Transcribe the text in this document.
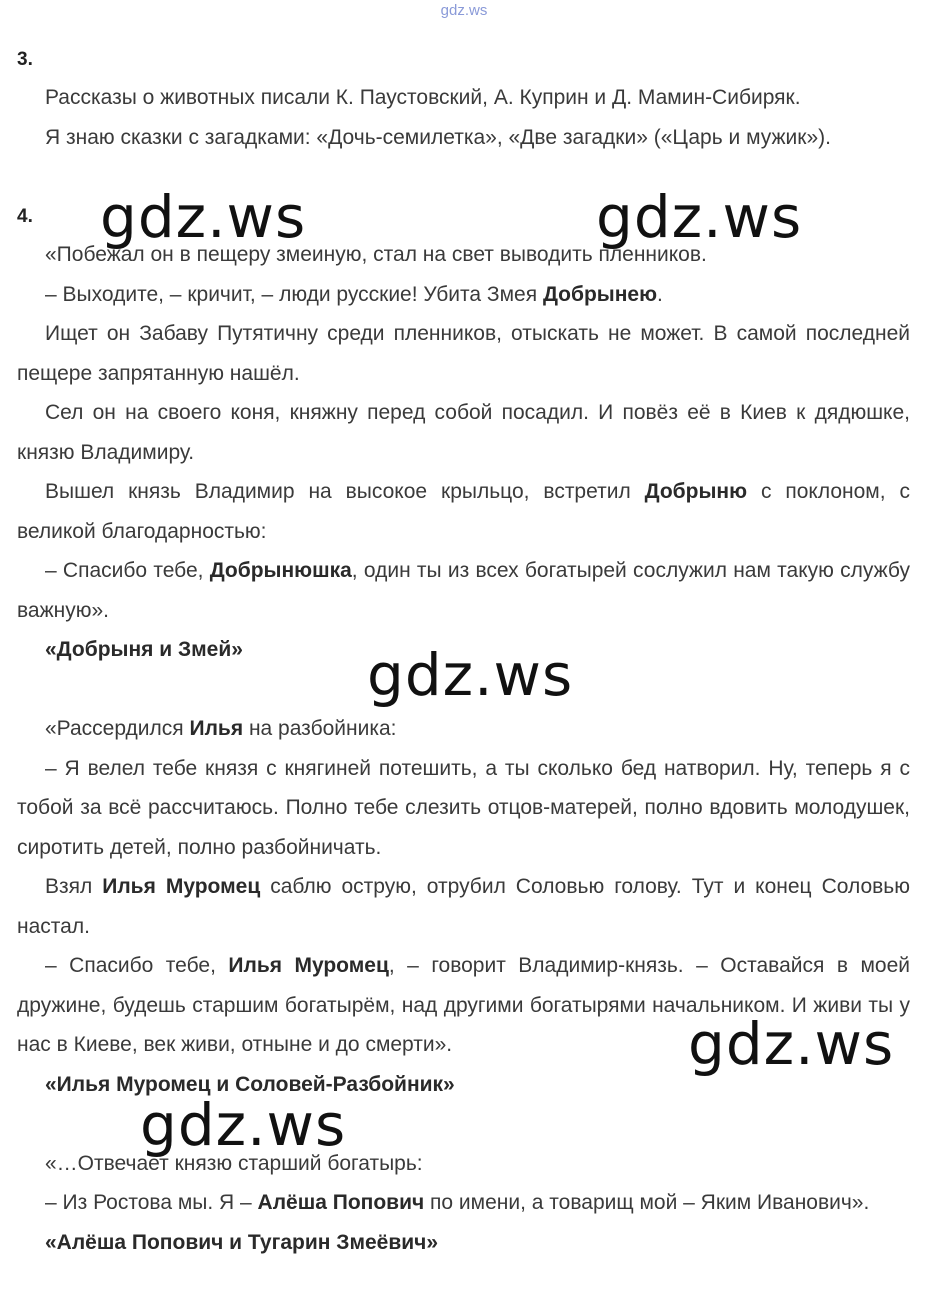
gdz.ws
3.

Рассказы о животных писали К. Паустовский, А. Куприн и Д. Мамин-Сибиряк.

Я знаю сказки с загадками: «Дочь-семилетка», «Две загадки» («Царь и мужик»).

4.

«Побежал он в пещеру змеиную, стал на свет выводить пленников.

– Выходите, – кричит, – люди русские! Убита Змея Добрынею.

Ищет он Забаву Путятичну среди пленников, отыскать не может. В самой последней пещере запрятанную нашёл.

Сел он на своего коня, княжну перед собой посадил. И повёз её в Киев к дядюшке, князю Владимиру.

Вышел князь Владимир на высокое крыльцо, встретил Добрыню с поклоном, с великой благодарностью:

– Спасибо тебе, Добрынюшка, один ты из всех богатырей сослужил нам такую службу важную».

«Добрыня и Змей»

«Рассердился Илья на разбойника:

– Я велел тебе князя с княгиней потешить, а ты сколько бед натворил. Ну, теперь я с тобой за всё рассчитаюсь. Полно тебе слезить отцов-матерей, полно вдовить молодушек, сиротить детей, полно разбойничать.

Взял Илья Муромец саблю острую, отрубил Соловью голову. Тут и конец Соловью настал.

– Спасибо тебе, Илья Муромец, – говорит Владимир-князь. – Оставайся в моей дружине, будешь старшим богатырём, над другими богатырями начальником. И живи ты у нас в Киеве, век живи, отныне и до смерти».

«Илья Муромец и Соловей-Разбойник»

«…Отвечает князю старший богатырь:

– Из Ростова мы. Я – Алёша Попович по имени, а товарищ мой – Яким Иванович».

«Алёша Попович и Тугарин Змеёвич»

gdz.ws	gdz.ws
gdz.ws
gdz.ws
gdz.ws
